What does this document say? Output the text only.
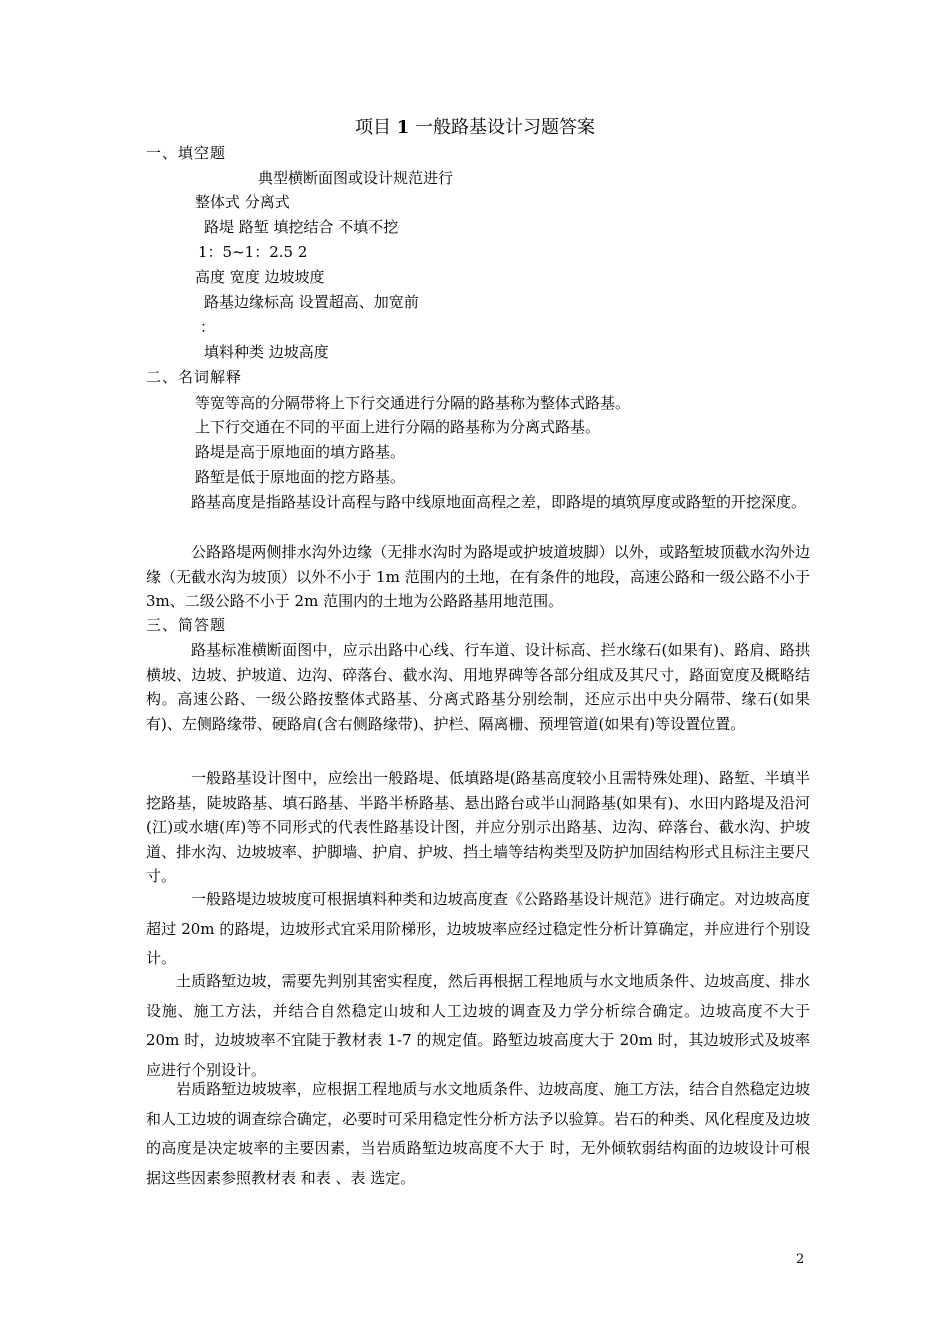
项目 1 一般路基设计习题答案
一、填空题
典型横断面图或设计规范进行
整体式 分离式
路堤 路堑 填挖结合 不填不挖
1：5~1：2.5 2
高度 宽度 边坡坡度
路基边缘标高 设置超高、加宽前
：
填料种类 边坡高度
二、名词解释
等宽等高的分隔带将上下行交通进行分隔的路基称为整体式路基。
上下行交通在不同的平面上进行分隔的路基称为分离式路基。
路堤是高于原地面的填方路基。
路堑是低于原地面的挖方路基。
路基高度是指路基设计高程与路中线原地面高程之差，即路堤的填筑厚度或路堑的开挖深度。
公路路堤两侧排水沟外边缘（无排水沟时为路堤或护坡道坡脚）以外，或路堑坡顶截水沟外边缘（无截水沟为坡顶）以外不小于 1m 范围内的土地，在有条件的地段，高速公路和一级公路不小于 3m、二级公路不小于 2m 范围内的土地为公路路基用地范围。
三、简答题
路基标准横断面图中，应示出路中心线、行车道、设计标高、拦水缘石(如果有)、路肩、路拱横坡、边坡、护坡道、边沟、碎落台、截水沟、用地界碑等各部分组成及其尺寸，路面宽度及概略结构。高速公路、一级公路按整体式路基、分离式路基分别绘制，还应示出中央分隔带、缘石(如果有)、左侧路缘带、硬路肩(含右侧路缘带)、护栏、隔离栅、预埋管道(如果有)等设置位置。
一般路基设计图中，应绘出一般路堤、低填路堤(路基高度较小且需特殊处理)、路堑、半填半挖路基，陡坡路基、填石路基、半路半桥路基、悬出路台或半山洞路基(如果有)、水田内路堤及沿河(江)或水塘(库)等不同形式的代表性路基设计图，并应分别示出路基、边沟、碎落台、截水沟、护坡道、排水沟、边坡坡率、护脚墙、护肩、护坡、挡土墙等结构类型及防护加固结构形式且标注主要尺寸。
一般路堤边坡坡度可根据填料种类和边坡高度查《公路路基设计规范》进行确定。对边坡高度超过 20m 的路堤，边坡形式宜采用阶梯形，边坡坡率应经过稳定性分析计算确定，并应进行个别设计。
土质路堑边坡，需要先判别其密实程度，然后再根据工程地质与水文地质条件、边坡高度、排水设施、施工方法，并结合自然稳定山坡和人工边坡的调查及力学分析综合确定。边坡高度不大于 20m 时，边坡坡率不宜陡于教材表 1-7 的规定值。路堑边坡高度大于 20m 时，其边坡形式及坡率应进行个别设计。
岩质路堑边坡坡率，应根据工程地质与水文地质条件、边坡高度、施工方法，结合自然稳定边坡和人工边坡的调查综合确定，必要时可采用稳定性分析方法予以验算。岩石的种类、风化程度及边坡的高度是决定坡率的主要因素，当岩质路堑边坡高度不大于 时，无外倾软弱结构面的边坡设计可根据这些因素参照教材表 和表 、表 选定。
2
